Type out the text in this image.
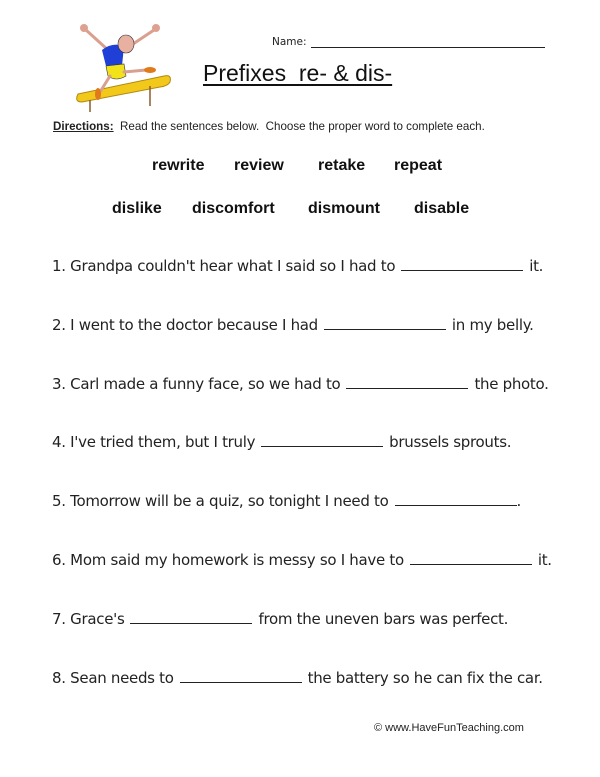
Name:
Prefixes  re- & dis-
Directions:  Read the sentences below.  Choose the proper word to complete each.
rewrite review retake repeat
dislike discomfort dismount disable
1. Grandpa couldn't hear what I said so I had to	it.
2. I went to the doctor because I had	in my belly.
3. Carl made a funny face, so we had to	the photo.
4. I've tried them, but I truly	brussels sprouts.
5. Tomorrow will be a quiz, so tonight I need to	.
6. Mom said my homework is messy so I have to	it.
7. Grace's	from the uneven bars was perfect.
8. Sean needs to	the battery so he can fix the car.
© www.HaveFunTeaching.com
